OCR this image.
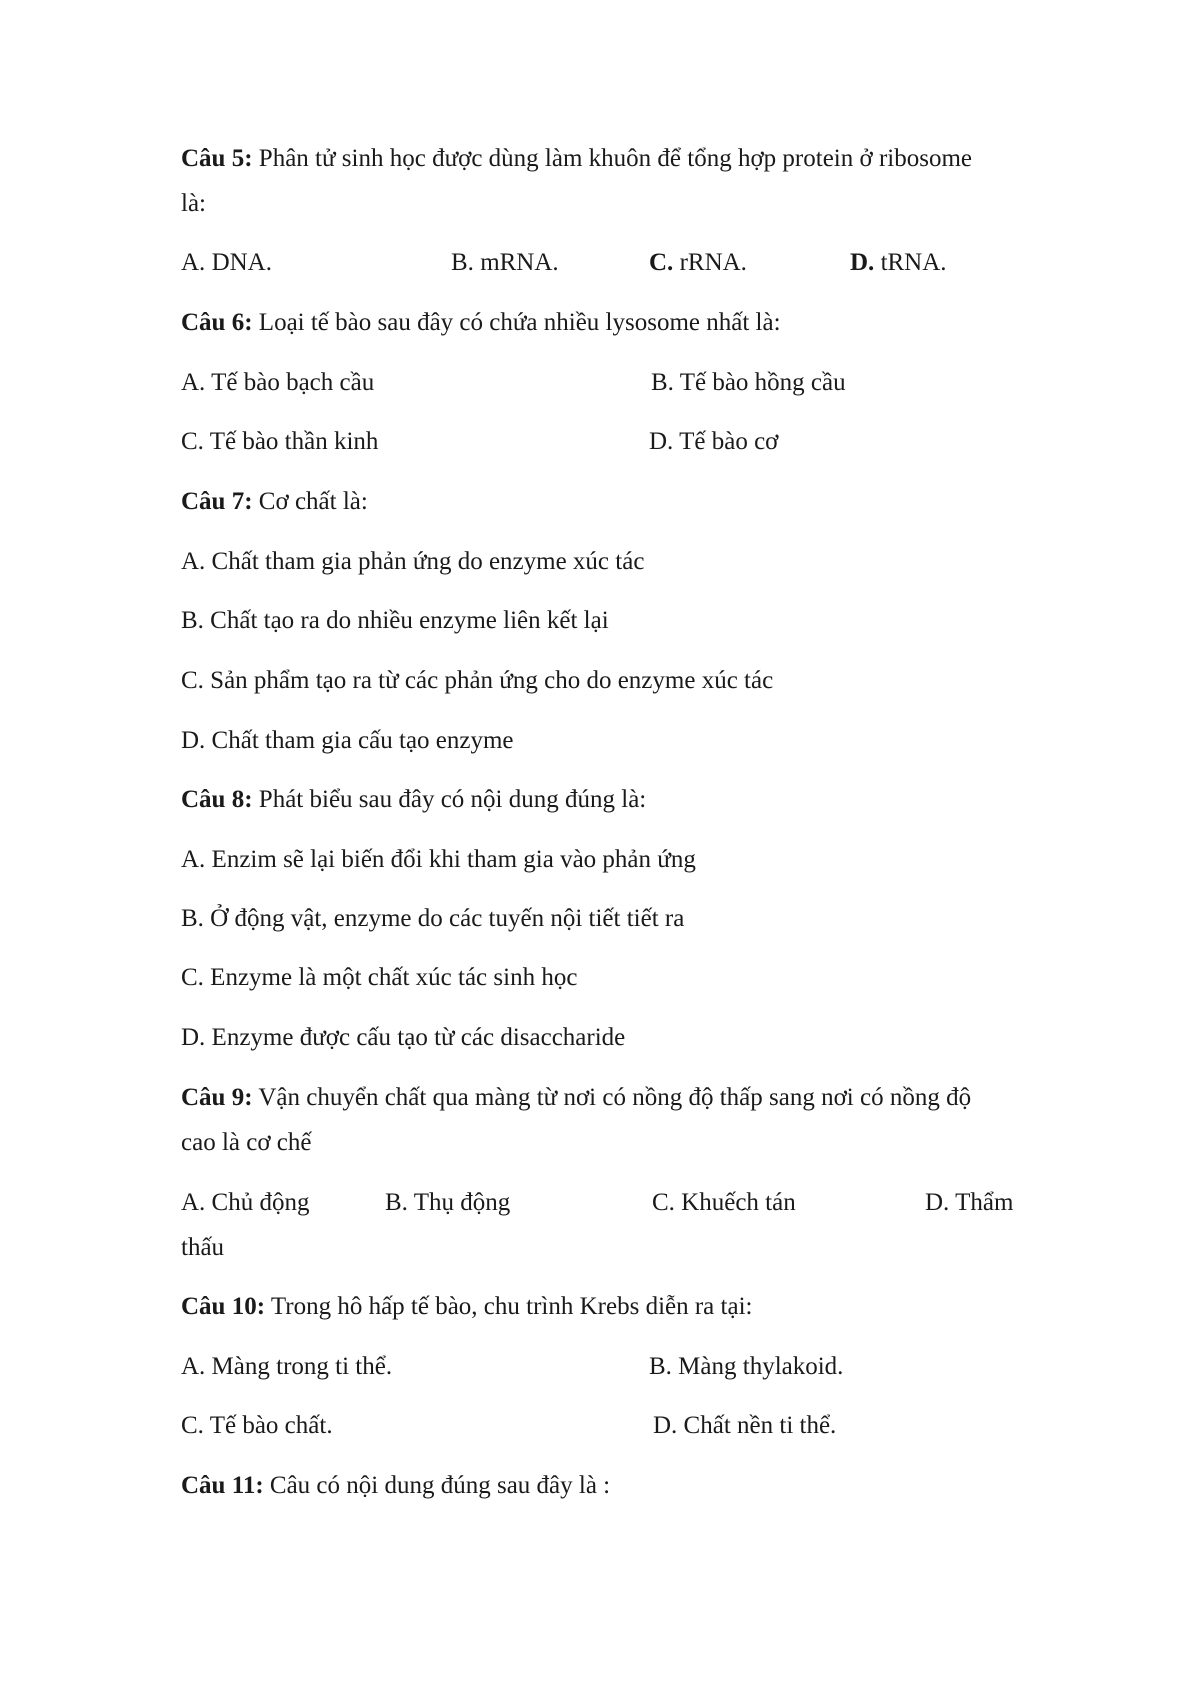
Câu 5: Phân tử sinh học được dùng làm khuôn để tổng hợp protein ở ribosome
là:
A. DNA.	B. mRNA.	C. rRNA.	D. tRNA.
Câu 6: Loại tế bào sau đây có chứa nhiều lysosome nhất là:
A. Tế bào bạch cầu	B. Tế bào hồng cầu
C. Tế bào thần kinh	D. Tế bào cơ
Câu 7: Cơ chất là:
A. Chất tham gia phản ứng do enzyme xúc tác
B. Chất tạo ra do nhiều enzyme liên kết lại
C. Sản phẩm tạo ra từ các phản ứng cho do enzyme xúc tác
D. Chất tham gia cấu tạo enzyme
Câu 8: Phát biểu sau đây có nội dung đúng là:
A. Enzim sẽ lại biến đổi khi tham gia vào phản ứng
B. Ở động vật, enzyme do các tuyến nội tiết tiết ra
C. Enzyme là một chất xúc tác sinh học
D. Enzyme được cấu tạo từ các disaccharide
Câu 9: Vận chuyển chất qua màng từ nơi có nồng độ thấp sang nơi có nồng độ
cao là cơ chế
A. Chủ động	B. Thụ động	C. Khuếch tán	D. Thẩm
thấu
Câu 10: Trong hô hấp tế bào, chu trình Krebs diễn ra tại:
A. Màng trong ti thể.	B. Màng thylakoid.
C. Tế bào chất.	D. Chất nền ti thể.
Câu 11: Câu có nội dung đúng sau đây là :
